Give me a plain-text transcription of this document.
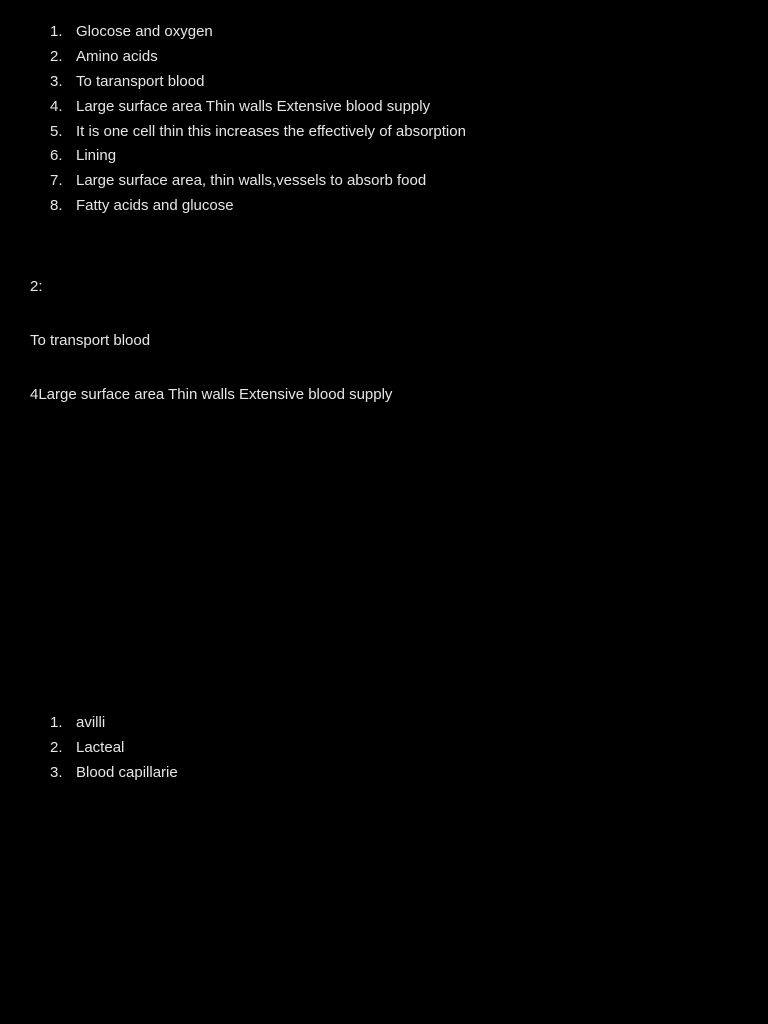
1. Glocose and oxygen
2. Amino acids
3. To taransport blood
4. Large surface area Thin walls Extensive blood supply
5. It is one cell thin this increases the effectively of absorption
6. Lining
7. Large surface area, thin walls,vessels to absorb food
8. Fatty acids and glucose
2:
To transport blood
4Large surface area Thin walls Extensive blood supply
1. avilli
2. Lacteal
3. Blood capillarie
